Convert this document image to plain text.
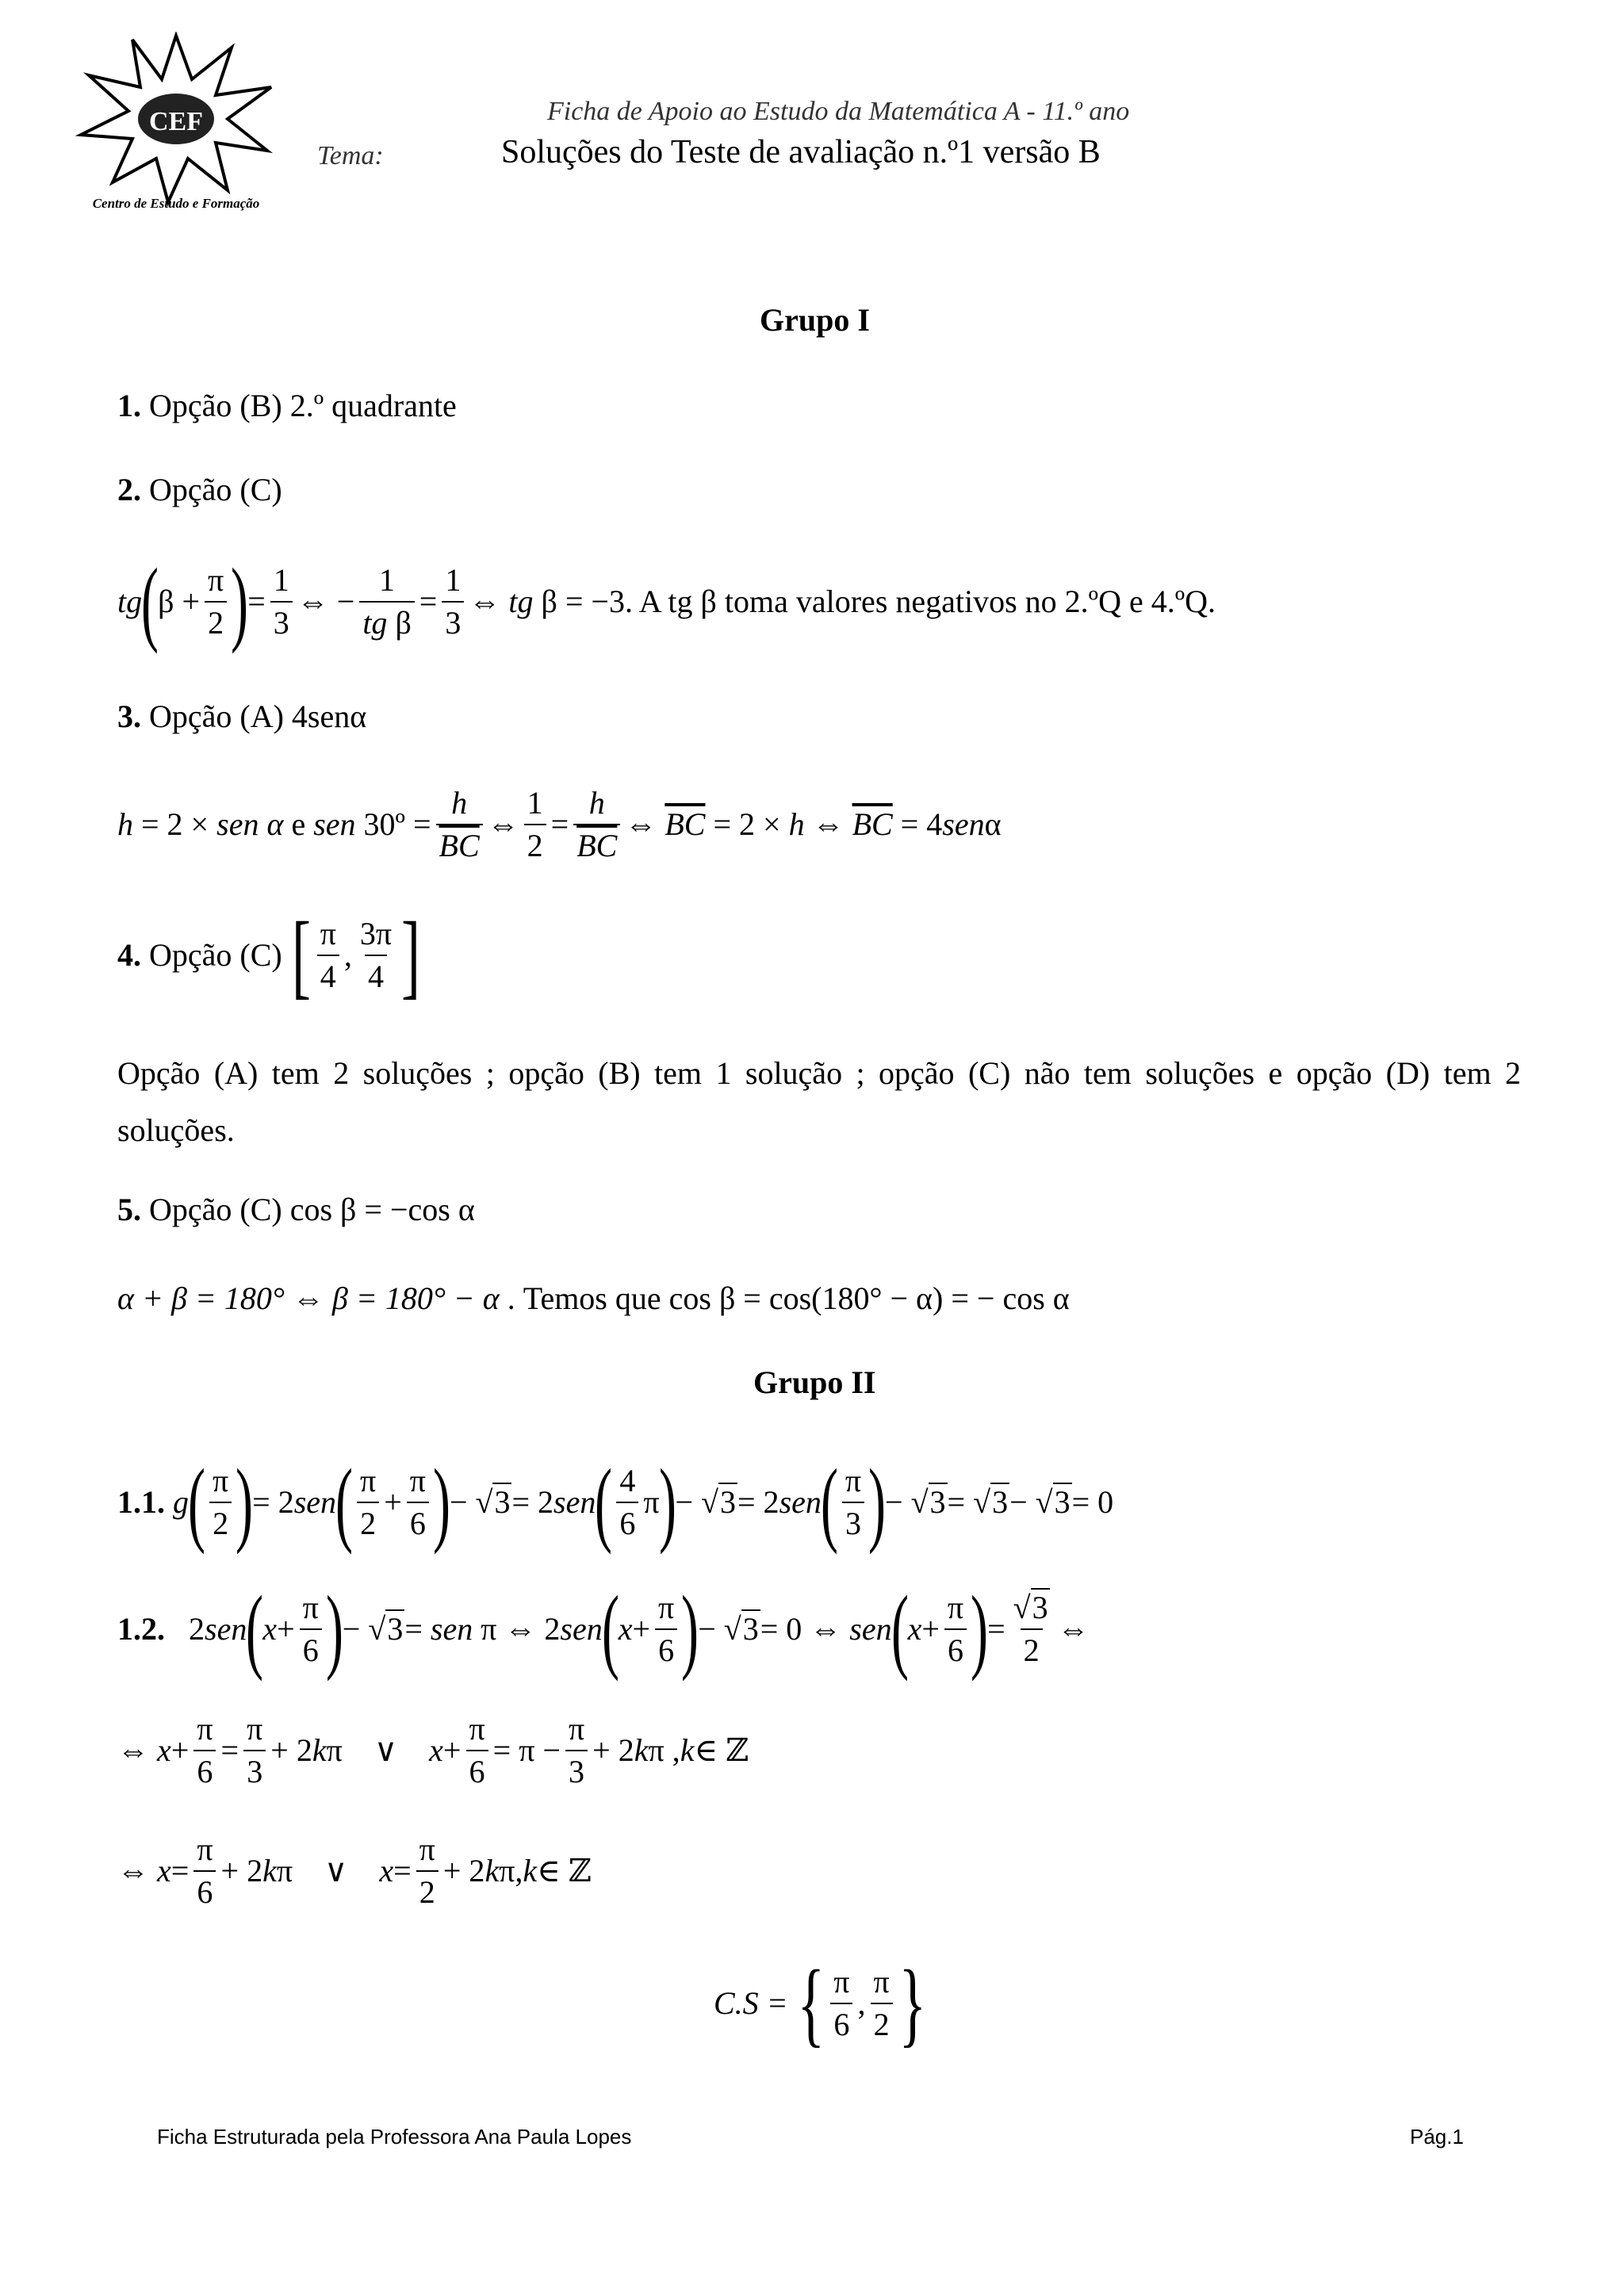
CEF
Centro de Estudo e Formação
Ficha de Apoio ao Estudo da Matemática A - 11.º ano
Tema:	Soluções do Teste de avaliação n.º1 versão B
Grupo I
1. Opção (B) 2.º quadrante
2. Opção (C)
tg
(
$\beta + \frac{\pi}{2}$ )
= $\frac{1}{3}$ ⇔ − $\frac{1}{\text{tg β}} = \frac{1}{3}$ ⇔ tg β = −3 . A tg β toma valores negativos no 2.ºQ e 4.ºQ.
3. Opção (A) 4senα
h = 2 × sen α e sen 30º = $\frac{h}{BC}$ ⇔ $\frac{1}{2} = \frac{h}{BC}$ ⇔ $\overline{BC} = 2 \times h$ ⇔ $\overline{BC} = 4$ sen α
4.
Opção (C)
[ $\frac{\pi}{4}$ , $\frac{3\pi}{4}$ ]
Opção (A) tem 2 soluções ; opção (B) tem 1 solução ; opção (C) não tem soluções e opção (D) tem 2 soluções.
5. Opção (C) cos β = −cos α
α + β = 180° ⇔ β = 180° − α . Temos que cos β = cos(180° − α) = − cos α
Grupo II
1.1.
g
( $\frac{\pi}{2}$ )
= 2 sen
( $\frac{\pi}{2} + \frac{\pi}{6}$ )
− √ 3 = 2 sen
( $\frac{4}{6}$ π
)
− √ 3 = 2 sen
( $\frac{\pi}{3}$ )
− √ 3 = √ 3 − √ 3 = 0
1.2. 2 sen
(
$x + \frac{\pi}{6}$ )
− √ 3 = sen π ⇔ 2 sen
(
$x + \frac{\pi}{6}$ )
− √ 3 = 0 ⇔ sen
(
$x + \frac{\pi}{6}$ )
= $\frac{√3}{2}$ ⇔
⇔ $x + \frac{\pi}{6} = \frac{\pi}{3} + 2$ k π    ∨ $x + \frac{\pi}{6} = \pi - \frac{\pi}{3} + 2$ k π , k ∈ ℤ
⇔ $x = \frac{\pi}{6} + 2$ k π    ∨ $x = \frac{\pi}{2} + 2$ k π, k ∈ ℤ
C.S =
{ $\frac{\pi}{6}$ , $\frac{\pi}{2}$ }
Ficha Estruturada pela Professora Ana Paula Lopes	Pág.1
